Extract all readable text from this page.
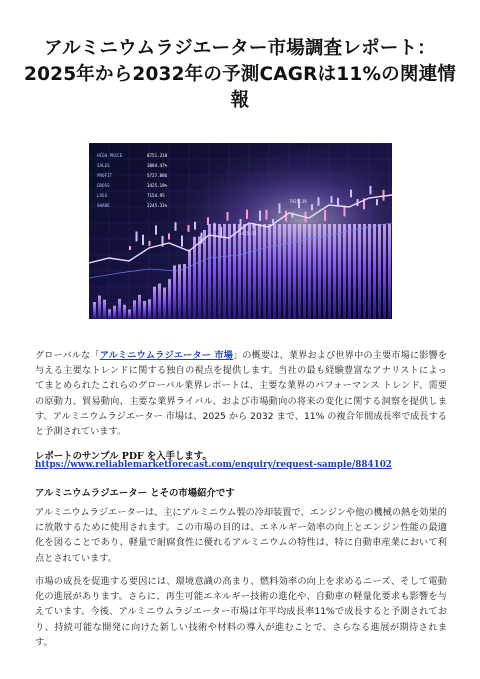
アルミニウムラジエーター市場調査レポート：
2025年から2032年の予測CAGRは11%の関連情
報
HIGH PRICE	8751.210
SALES	3084.47%
PROFIT	5727.886
GROSS	3425.18%
LOSS	7154.95
SHARE	3245.31%
7925.39
3415.11

グローバルな「アルミニウムラジエーター 市場」の概要は、業界および世界中の主要市場に影響を与える主要なトレンドに関する独自の視点を提供します。当社の最も経験豊富なアナリストによってまとめられたこれらのグローバル業界レポートは、主要な業界のパフォーマンス トレンド、需要の原動力、貿易動向、主要な業界ライバル、および市場動向の将来の変化に関する洞察を提供します。アルミニウムラジエーター 市場は、2025 から 2032 まで、11% の複合年間成長率で成長すると予測されています。

レポートのサンプル PDF を入手します。
https://www.reliablemarketforecast.com/enquiry/request-sample/884102
アルミニウムラジエーター とその市場紹介です

アルミニウムラジエーターは、主にアルミニウム製の冷却装置で、エンジンや他の機械の熱を効果的に放散するために使用されます。この市場の目的は、エネルギー効率の向上とエンジン性能の最適化を図ることであり、軽量で耐腐食性に優れるアルミニウムの特性は、特に自動車産業において利点とされています。

市場の成長を促進する要因には、環境意識の高まり、燃料効率の向上を求めるニーズ、そして電動化の進展があります。さらに、再生可能エネルギー技術の進化や、自動車の軽量化要求も影響を与えています。今後、アルミニウムラジエーター市場は年平均成長率11%で成長すると予測されており、持続可能な開発に向けた新しい技術や材料の導入が進むことで、さらなる進展が期待されます。
